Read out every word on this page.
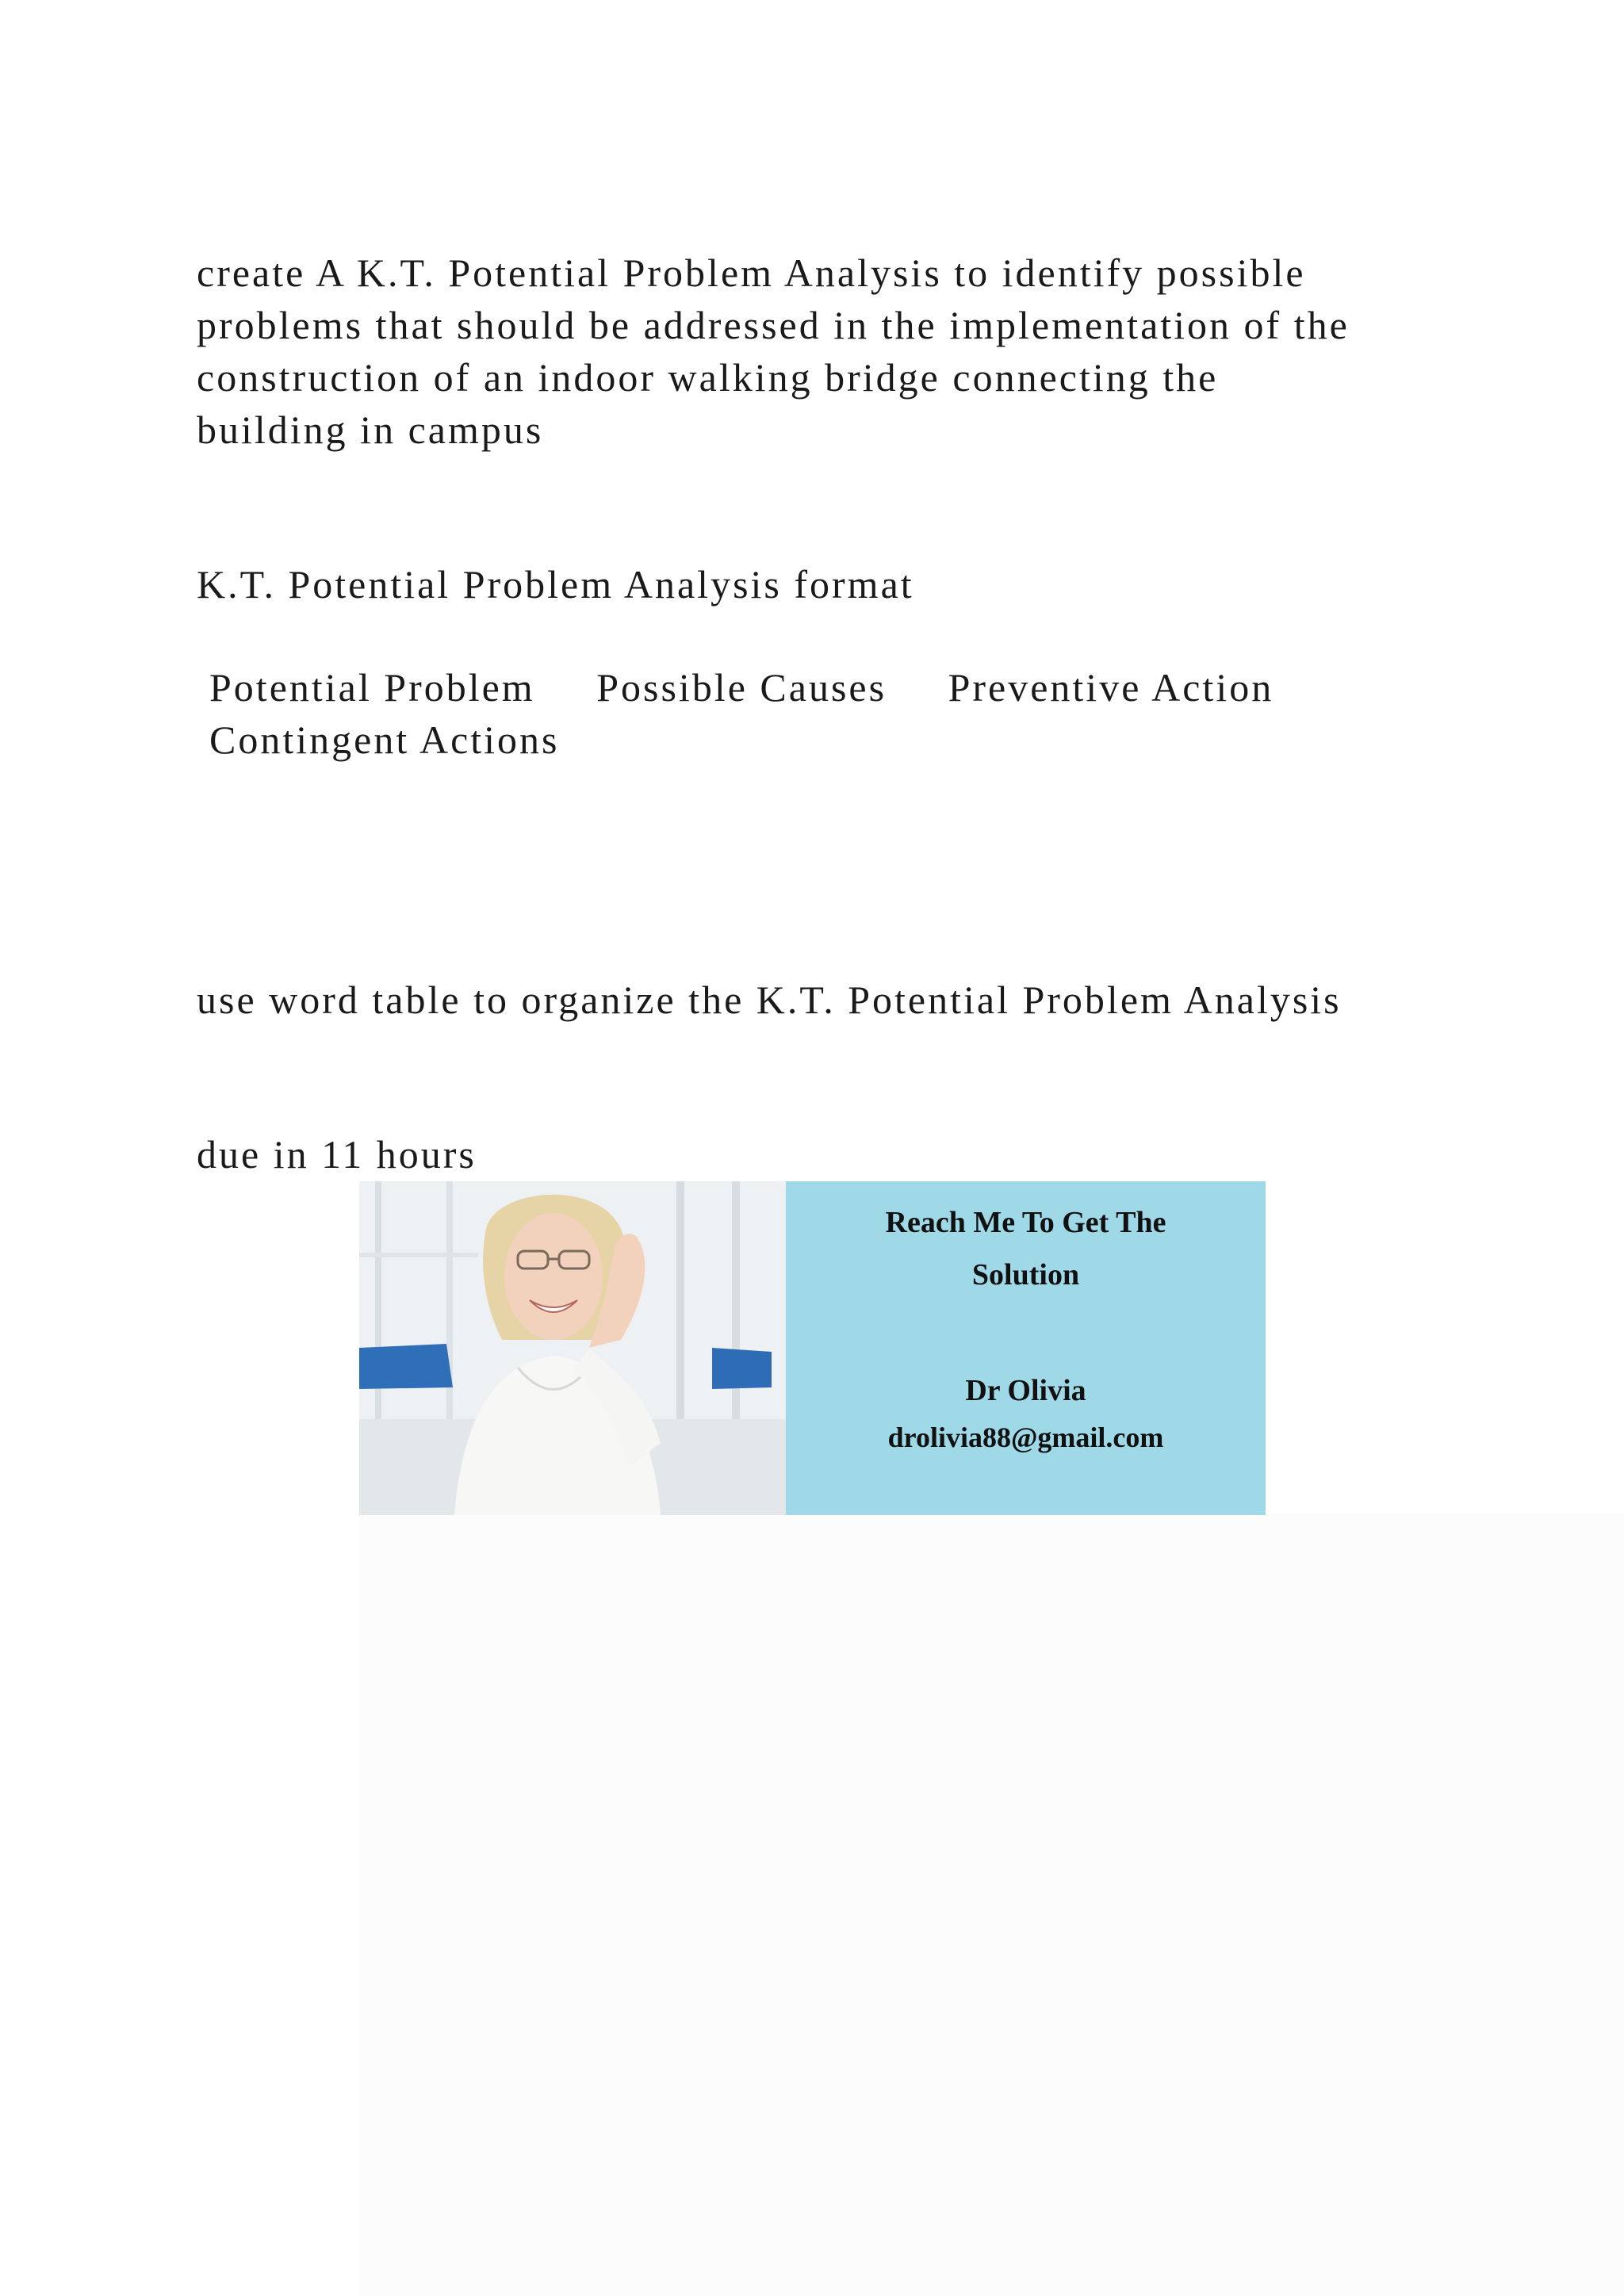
create A K.T. Potential Problem Analysis to identify possible
problems that should be addressed in the implementation of the
construction of an indoor walking bridge connecting the
building in campus
K.T. Potential Problem Analysis format
Potential Problem Possible Causes Preventive Action
Contingent Actions
use word table to organize the K.T. Potential Problem Analysis
due in 11 hours
Reach Me To Get The
Solution
Dr Olivia
drolivia88@gmail.com
